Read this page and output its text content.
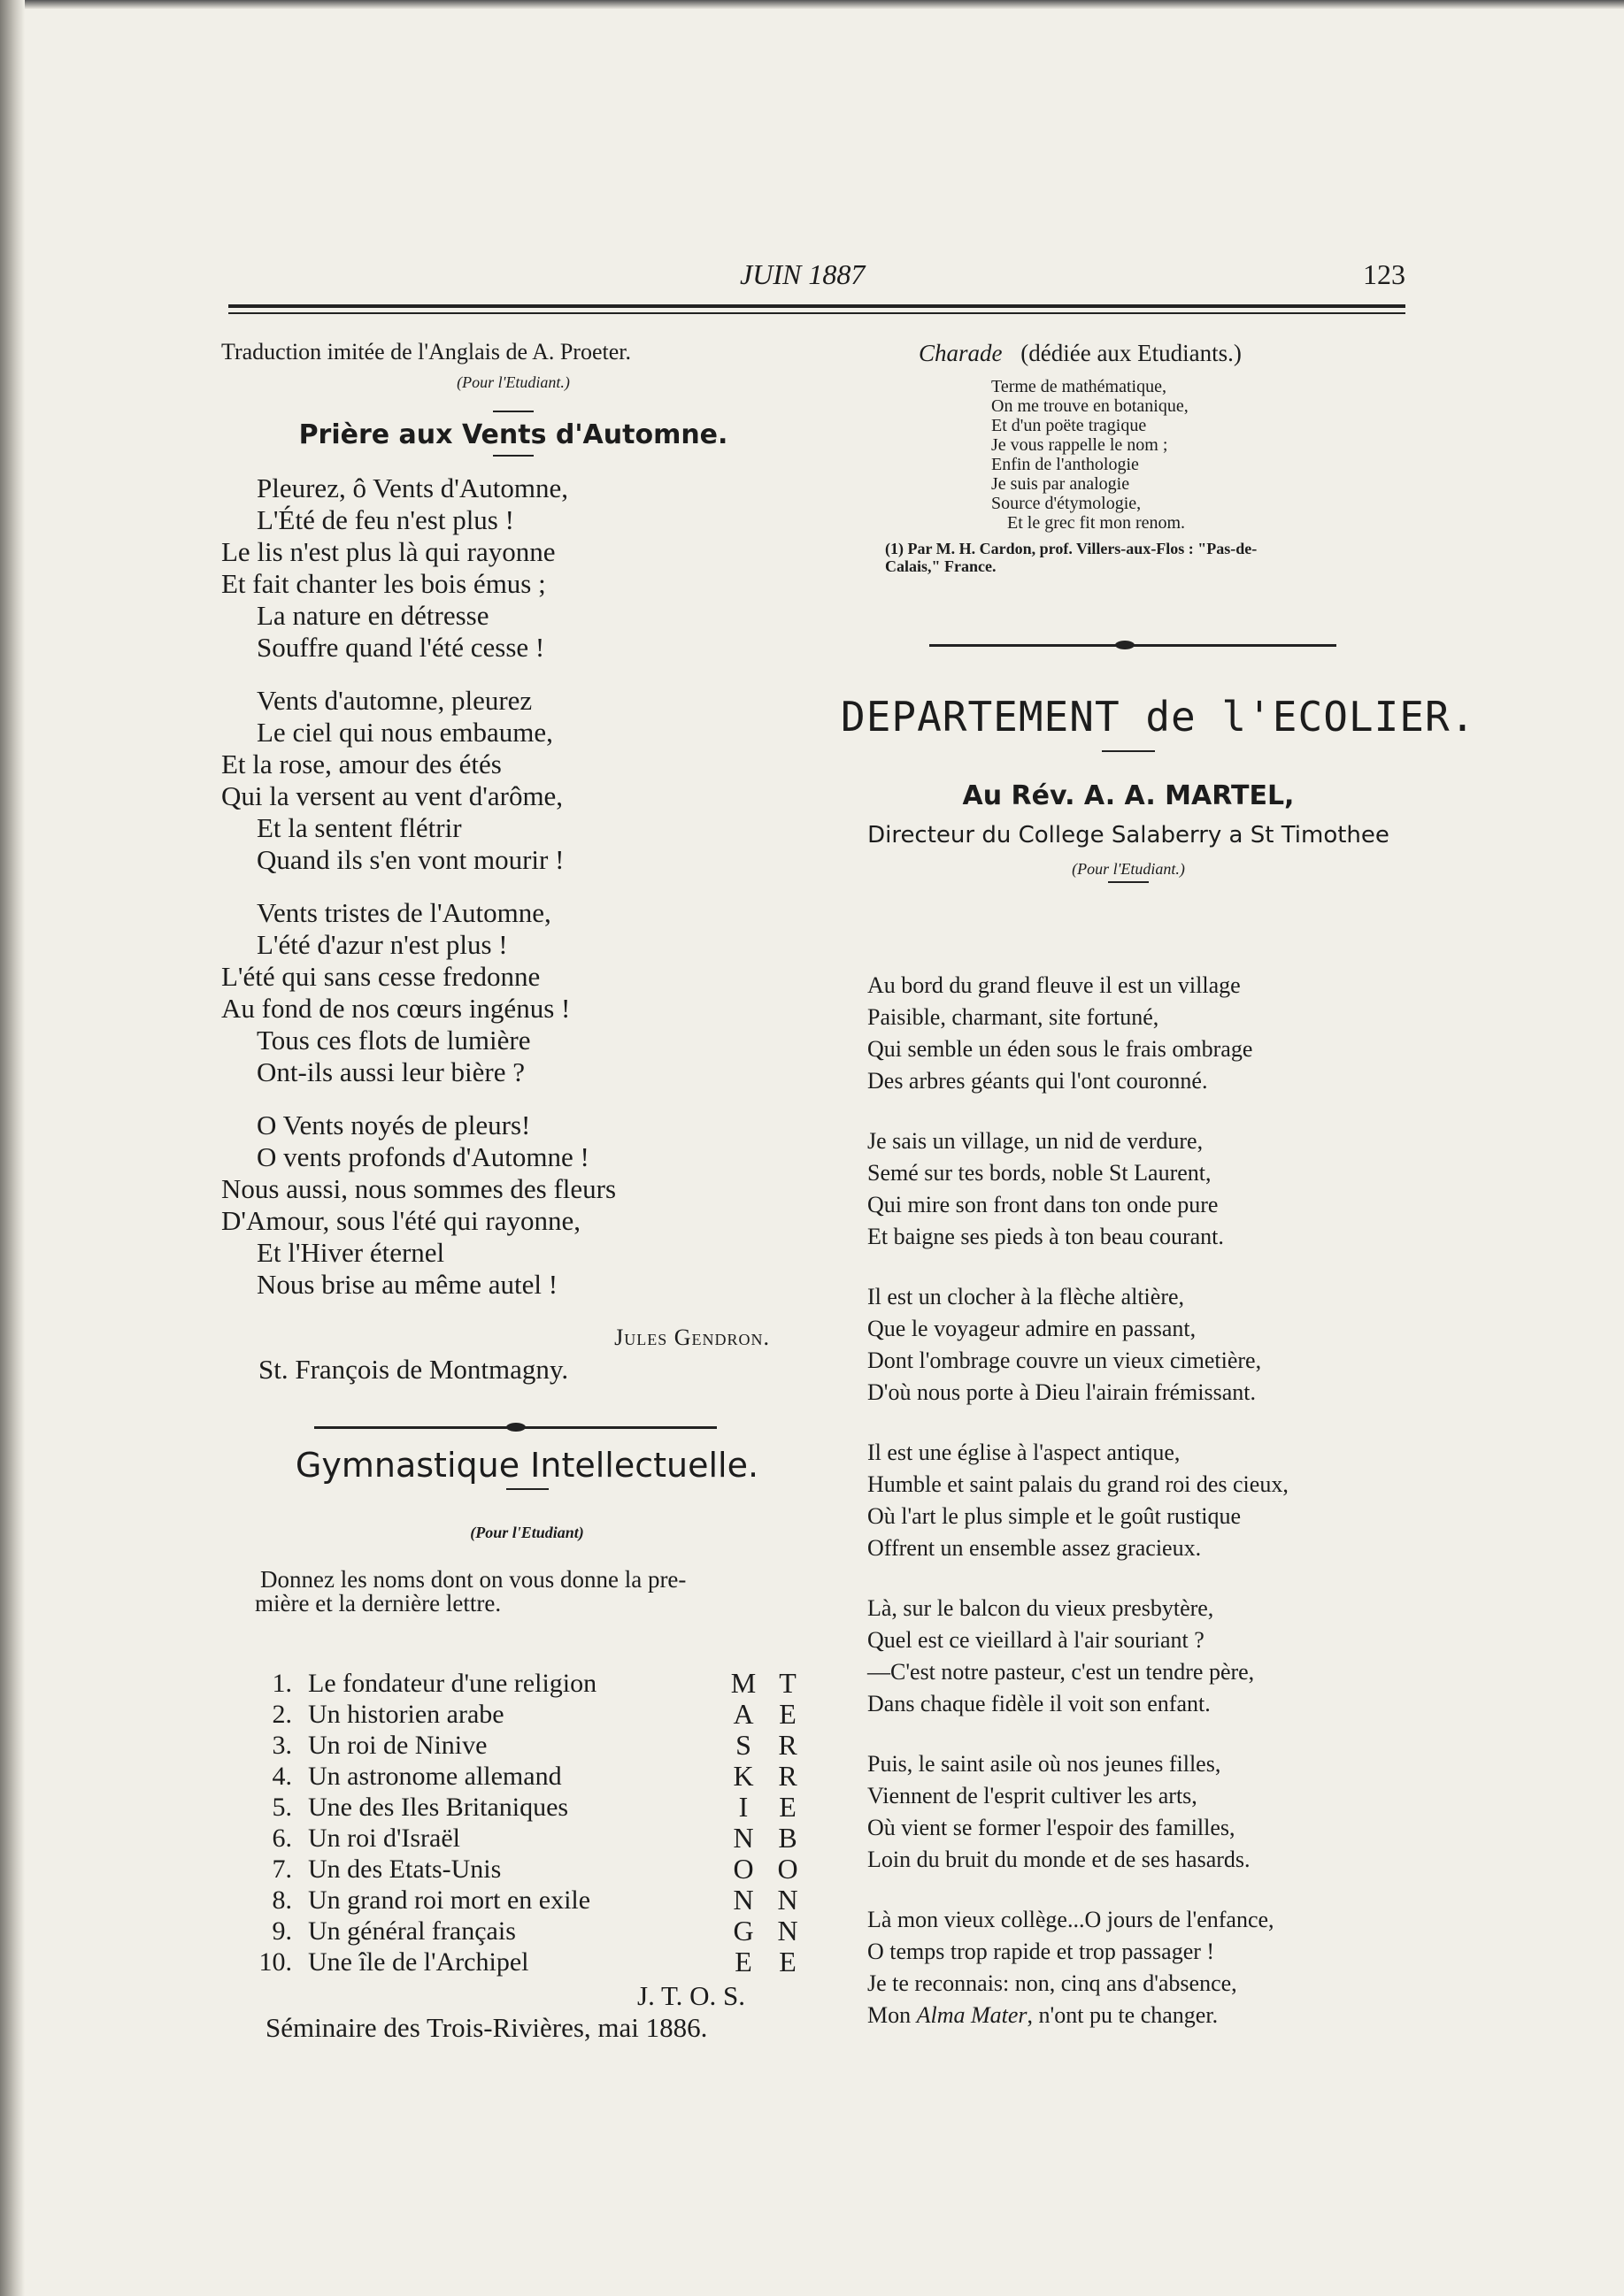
JUIN 1887	123
Traduction imitée de l'Anglais de A. Proeter.
(Pour l'Etudiant.)
Prière aux Vents d'Automne.
Pleurez, ô Vents d'Automne,
L'Été de feu n'est plus !
Le lis n'est plus là qui rayonne
Et fait chanter les bois émus ;
La nature en détresse
Souffre quand l'été cesse !
Vents d'automne, pleurez
Le ciel qui nous embaume,
Et la rose, amour des étés
Qui la versent au vent d'arôme,
Et la sentent flétrir
Quand ils s'en vont mourir !
Vents tristes de l'Automne,
L'été d'azur n'est plus !
L'été qui sans cesse fredonne
Au fond de nos cœurs ingénus !
Tous ces flots de lumière
Ont-ils aussi leur bière ?
O Vents noyés de pleurs!
O vents profonds d'Automne !
Nous aussi, nous sommes des fleurs
D'Amour, sous l'été qui rayonne,
Et l'Hiver éternel
Nous brise au même autel !
Jules Gendron.
St. François de Montmagny.
Gymnastique Intellectuelle.
(Pour l'Etudiant)
Donnez les noms dont on vous donne la pre-
mière et la dernière lettre.
1. Le fondateur d'une religion
2. Un historien arabe
3. Un roi de Ninive
4. Un astronome allemand
5. Une des Iles Britaniques
6. Un roi d'Israël
7. Un des Etats-Unis
8. Un grand roi mort en exile
9. Un général français
10. Une île de l'Archipel
M
A
S
K
I
N
O
N
G
E
T
E
R
R
E
B
O
N
N
E
J. T. O. S.
Séminaire des Trois-Rivières, mai 1886.
Charade (dédiée aux Etudiants.)
Terme de mathématique,
On me trouve en botanique,
Et d'un poëte tragique
Je vous rappelle le nom ;
Enfin de l'anthologie
Je suis par analogie
Source d'étymologie,
Et le grec fit mon renom.
(1) Par M. H. Cardon, prof. Villers-aux-Flos : "Pas-de-
Calais," France.
DEPARTEMENT de l'ECOLIER.
Au Rév. A. A. MARTEL,
Directeur du College Salaberry a St Timothee
(Pour l'Etudiant.)
Au bord du grand fleuve il est un village
Paisible, charmant, site fortuné,
Qui semble un éden sous le frais ombrage
Des arbres géants qui l'ont couronné.
Je sais un village, un nid de verdure,
Semé sur tes bords, noble St Laurent,
Qui mire son front dans ton onde pure
Et baigne ses pieds à ton beau courant.
Il est un clocher à la flèche altière,
Que le voyageur admire en passant,
Dont l'ombrage couvre un vieux cimetière,
D'où nous porte à Dieu l'airain frémissant.
Il est une église à l'aspect antique,
Humble et saint palais du grand roi des cieux,
Où l'art le plus simple et le goût rustique
Offrent un ensemble assez gracieux.
Là, sur le balcon du vieux presbytère,
Quel est ce vieillard à l'air souriant ?
—C'est notre pasteur, c'est un tendre père,
Dans chaque fidèle il voit son enfant.
Puis, le saint asile où nos jeunes filles,
Viennent de l'esprit cultiver les arts,
Où vient se former l'espoir des familles,
Loin du bruit du monde et de ses hasards.
Là mon vieux collège...O jours de l'enfance,
O temps trop rapide et trop passager !
Je te reconnais: non, cinq ans d'absence,
Mon Alma Mater, n'ont pu te changer.
